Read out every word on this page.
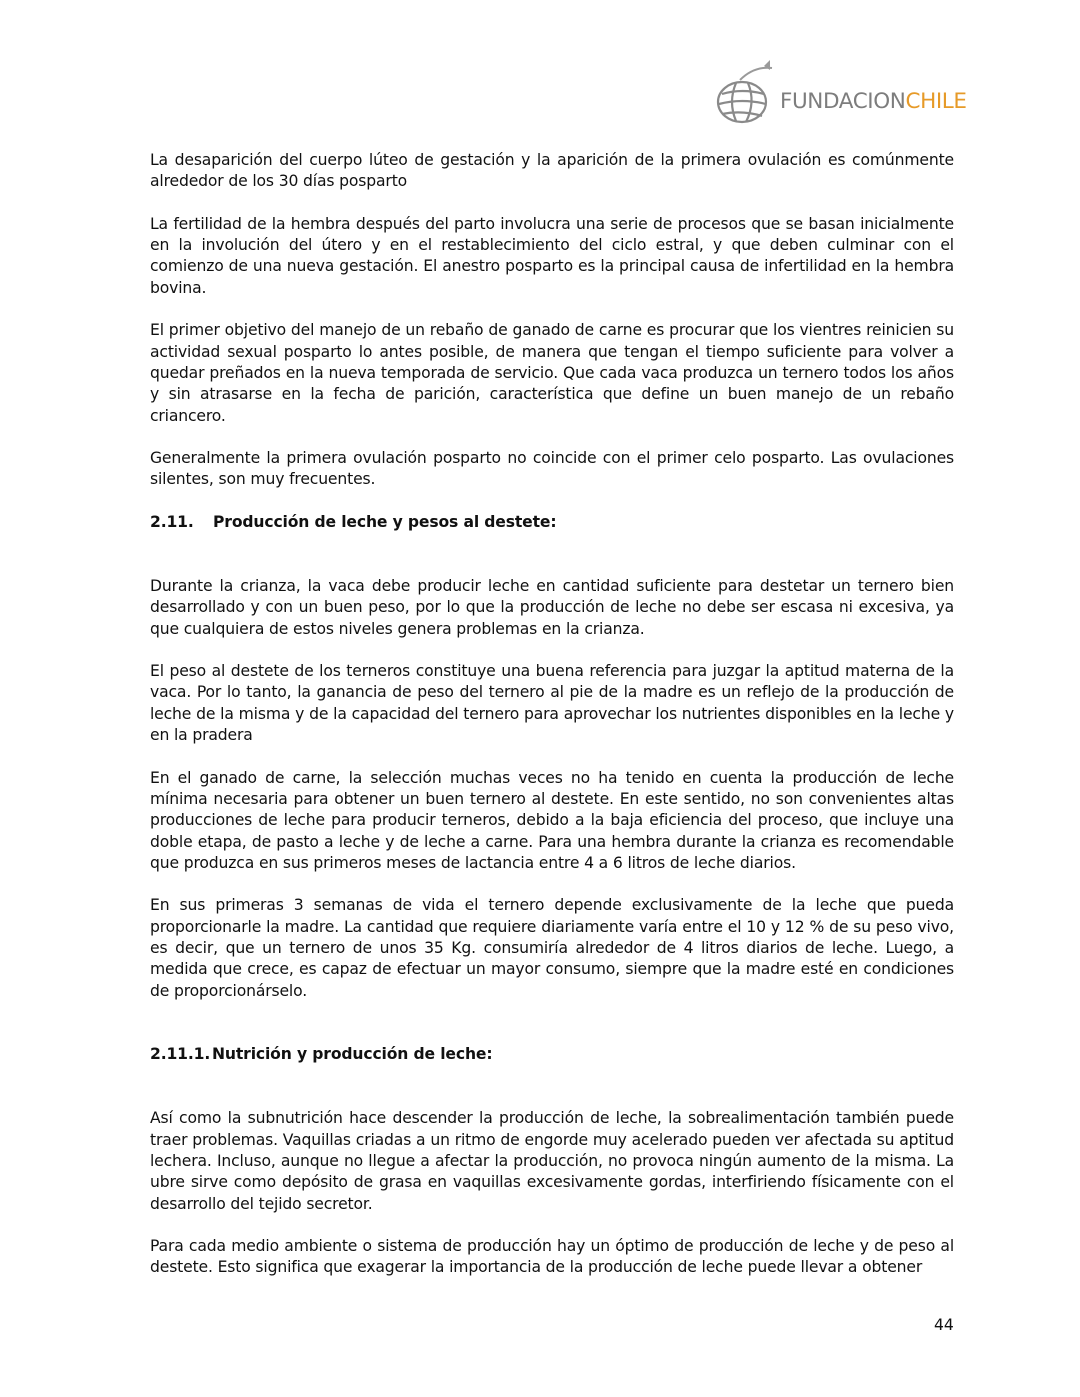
FUNDACIONCHILE

La desaparición del cuerpo lúteo de gestación y la aparición de la primera ovulación es comúnmente alrededor de los 30 días posparto

La fertilidad de la hembra después del parto involucra una serie de procesos que se basan inicialmente en la involución del útero y en el restablecimiento del ciclo estral, y que deben culminar con el comienzo de una nueva gestación. El anestro posparto es la principal causa de infertilidad en la hembra bovina.

El primer objetivo del manejo de un rebaño de ganado de carne es procurar que los vientres reinicien su actividad sexual posparto lo antes posible, de manera que tengan el tiempo suficiente para volver a quedar preñados en la nueva temporada de servicio. Que cada vaca produzca un ternero todos los años y sin atrasarse en la fecha de parición, característica que define un buen manejo de un rebaño criancero.

Generalmente la primera ovulación posparto no coincide con el primer celo posparto. Las ovulaciones silentes, son muy frecuentes.

2.11.	Producción de leche y pesos al destete:

Durante la crianza, la vaca debe producir leche en cantidad suficiente para destetar un ternero bien desarrollado y con un buen peso, por lo que la producción de leche no debe ser escasa ni excesiva, ya que cualquiera de estos niveles genera problemas en la crianza.

El peso al destete de los terneros constituye una buena referencia para juzgar la aptitud materna de la vaca. Por lo tanto, la ganancia de peso del ternero al pie de la madre es un reflejo de la producción de leche de la misma y de la capacidad del ternero para aprovechar los nutrientes disponibles en la leche y en la pradera

En el ganado de carne, la selección muchas veces no ha tenido en cuenta la producción de leche mínima necesaria para obtener un buen ternero al destete. En este sentido, no son convenientes altas producciones de leche para producir terneros, debido a la baja eficiencia del proceso, que incluye una doble etapa, de pasto a leche y de leche a carne. Para una hembra durante la crianza es recomendable que produzca en sus primeros meses de lactancia entre 4 a 6 litros de leche diarios.

En sus primeras 3 semanas de vida el ternero depende exclusivamente de la leche que pueda proporcionarle la madre. La cantidad que requiere diariamente varía entre el 10 y 12 % de su peso vivo, es decir, que un ternero de unos 35 Kg. consumiría alrededor de 4 litros diarios de leche. Luego, a medida que crece, es capaz de efectuar un mayor consumo, siempre que la madre esté en condiciones de proporcionárselo.

2.11.1. Nutrición y producción de leche:

Así como la subnutrición hace descender la producción de leche, la sobrealimentación también puede traer problemas. Vaquillas criadas a un ritmo de engorde muy acelerado pueden ver afectada su aptitud lechera. Incluso, aunque no llegue a afectar la producción, no provoca ningún aumento de la misma. La ubre sirve como depósito de grasa en vaquillas excesivamente gordas, interfiriendo físicamente con el desarrollo del tejido secretor.

Para cada medio ambiente o sistema de producción hay un óptimo de producción de leche y de peso al destete. Esto significa que exagerar la importancia de la producción de leche puede llevar a obtener

44
